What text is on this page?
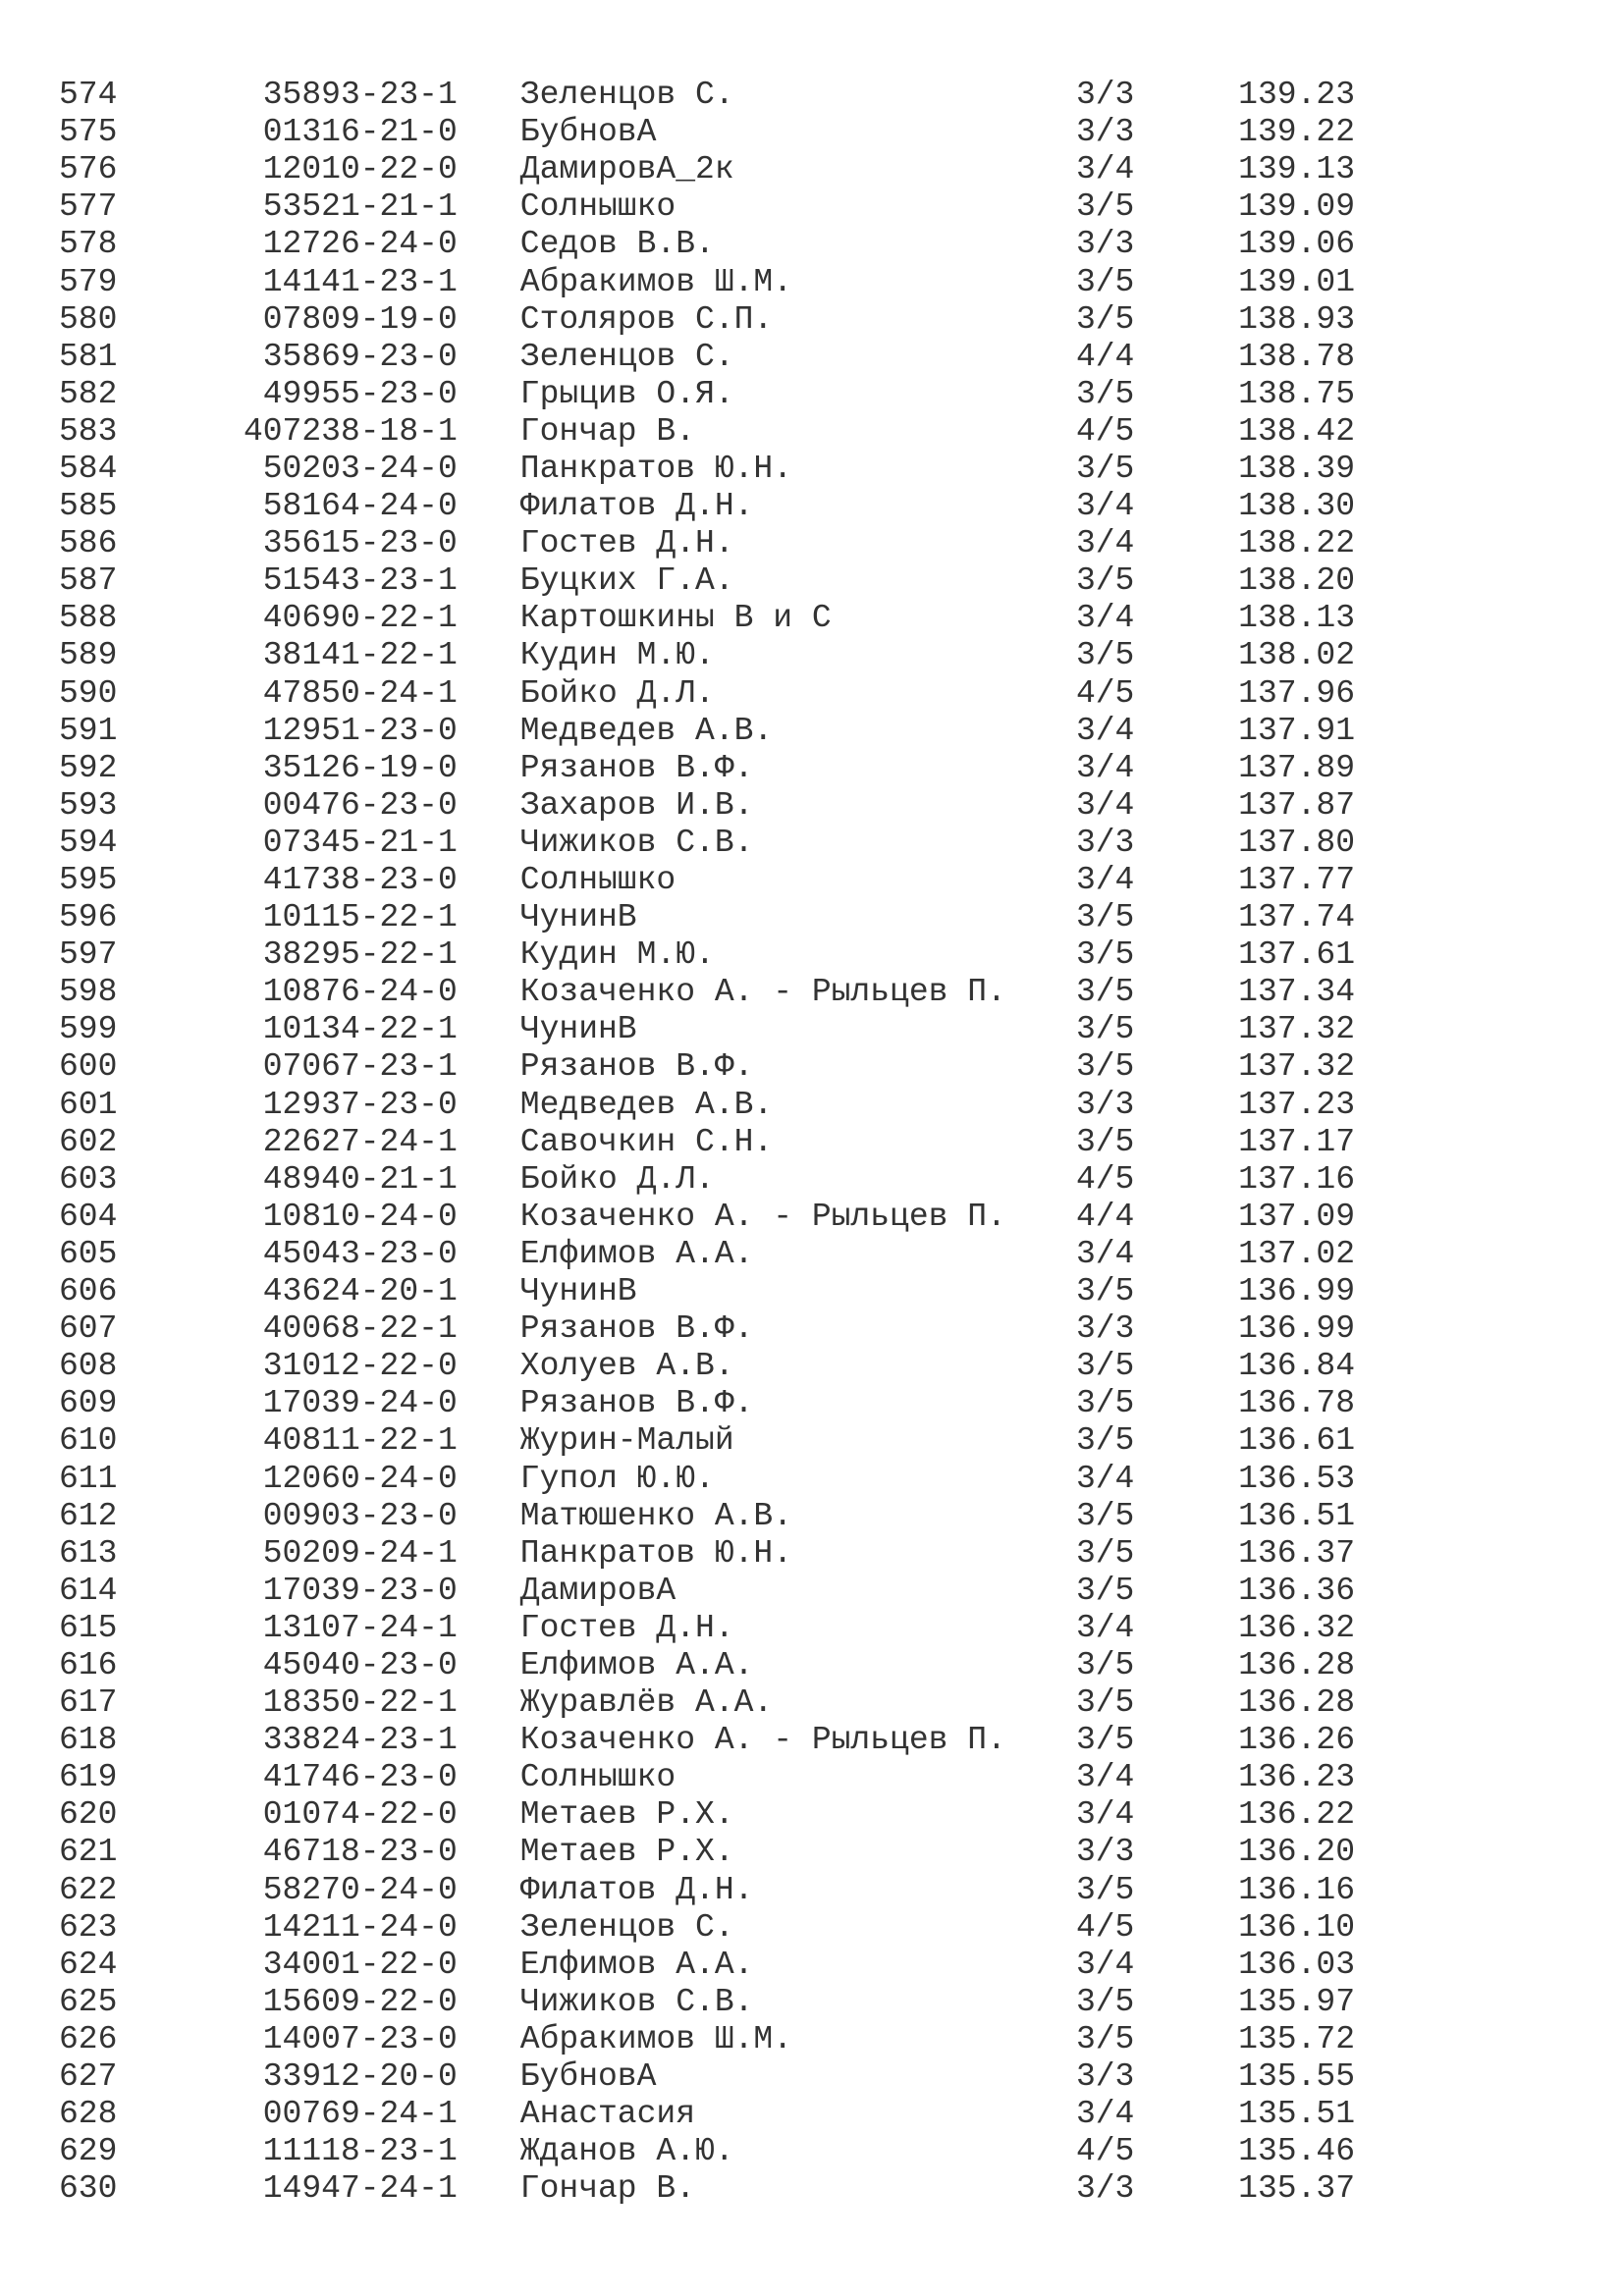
574	35893-23-1	Зеленцов С.	3/3	139.23
575	01316-21-0	БубновА	3/3	139.22
576	12010-22-0	ДамировА_2к	3/4	139.13
577	53521-21-1	Солнышко	3/5	139.09
578	12726-24-0	Седов В.В.	3/3	139.06
579	14141-23-1	Абракимов Ш.М.	3/5	139.01
580	07809-19-0	Столяров С.П.	3/5	138.93
581	35869-23-0	Зеленцов С.	4/4	138.78
582	49955-23-0	Грыцив О.Я.	3/5	138.75
583	407238-18-1	Гончар В.	4/5	138.42
584	50203-24-0	Панкратов Ю.Н.	3/5	138.39
585	58164-24-0	Филатов Д.Н.	3/4	138.30
586	35615-23-0	Гостев Д.Н.	3/4	138.22
587	51543-23-1	Буцких Г.А.	3/5	138.20
588	40690-22-1	Картошкины В и С	3/4	138.13
589	38141-22-1	Кудин М.Ю.	3/5	138.02
590	47850-24-1	Бойко Д.Л.	4/5	137.96
591	12951-23-0	Медведев А.В.	3/4	137.91
592	35126-19-0	Рязанов В.Ф.	3/4	137.89
593	00476-23-0	Захаров И.В.	3/4	137.87
594	07345-21-1	Чижиков С.В.	3/3	137.80
595	41738-23-0	Солнышко	3/4	137.77
596	10115-22-1	ЧунинВ	3/5	137.74
597	38295-22-1	Кудин М.Ю.	3/5	137.61
598	10876-24-0	Козаченко А. - Рыльцев П.	3/5	137.34
599	10134-22-1	ЧунинВ	3/5	137.32
600	07067-23-1	Рязанов В.Ф.	3/5	137.32
601	12937-23-0	Медведев А.В.	3/3	137.23
602	22627-24-1	Савочкин С.Н.	3/5	137.17
603	48940-21-1	Бойко Д.Л.	4/5	137.16
604	10810-24-0	Козаченко А. - Рыльцев П.	4/4	137.09
605	45043-23-0	Елфимов А.А.	3/4	137.02
606	43624-20-1	ЧунинВ	3/5	136.99
607	40068-22-1	Рязанов В.Ф.	3/3	136.99
608	31012-22-0	Холуев А.В.	3/5	136.84
609	17039-24-0	Рязанов В.Ф.	3/5	136.78
610	40811-22-1	Журин-Малый	3/5	136.61
611	12060-24-0	Гупол Ю.Ю.	3/4	136.53
612	00903-23-0	Матюшенко А.В.	3/5	136.51
613	50209-24-1	Панкратов Ю.Н.	3/5	136.37
614	17039-23-0	ДамировА	3/5	136.36
615	13107-24-1	Гостев Д.Н.	3/4	136.32
616	45040-23-0	Елфимов А.А.	3/5	136.28
617	18350-22-1	Журавлёв А.А.	3/5	136.28
618	33824-23-1	Козаченко А. - Рыльцев П.	3/5	136.26
619	41746-23-0	Солнышко	3/4	136.23
620	01074-22-0	Метаев Р.Х.	3/4	136.22
621	46718-23-0	Метаев Р.Х.	3/3	136.20
622	58270-24-0	Филатов Д.Н.	3/5	136.16
623	14211-24-0	Зеленцов С.	4/5	136.10
624	34001-22-0	Елфимов А.А.	3/4	136.03
625	15609-22-0	Чижиков С.В.	3/5	135.97
626	14007-23-0	Абракимов Ш.М.	3/5	135.72
627	33912-20-0	БубновА	3/3	135.55
628	00769-24-1	Анастасия	3/4	135.51
629	11118-23-1	Жданов А.Ю.	4/5	135.46
630	14947-24-1	Гончар В.	3/3	135.37
